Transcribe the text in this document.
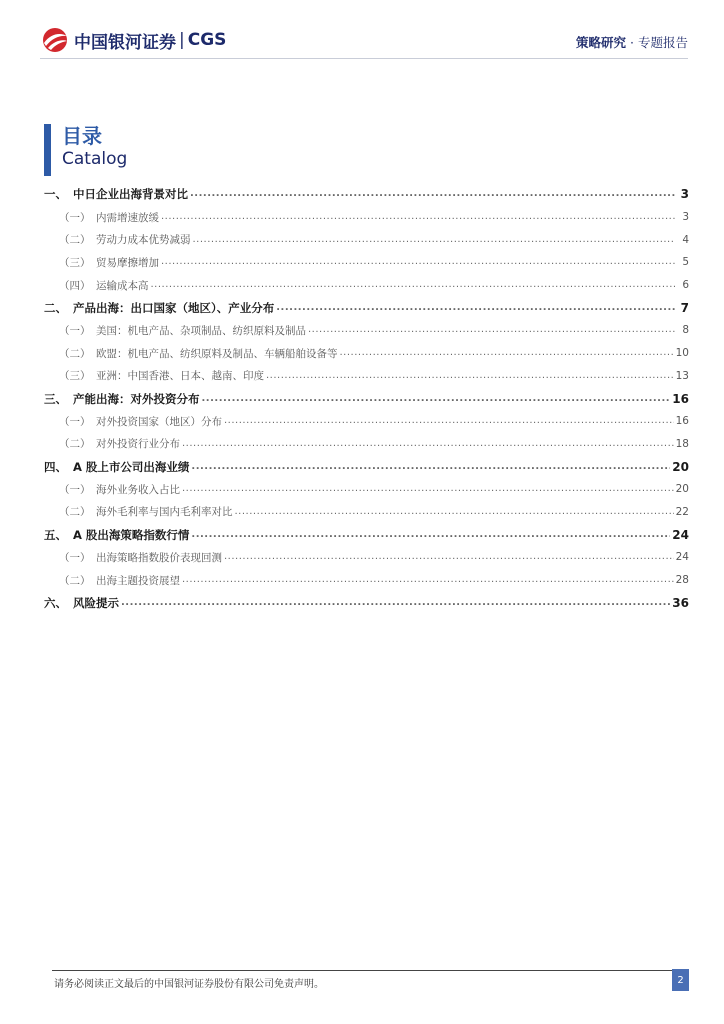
中国银河证券 | CGS	策略研究 · 专题报告
目录
Catalog
一、 中日企业出海背景对比 .....	3
（一） 内需增速放缓 .....	3
（二） 劳动力成本优势减弱 .....	4
（三） 贸易摩擦增加 .....	5
（四） 运输成本高 .....	6
二、 产品出海：出口国家（地区）、产业分布 .....	7
（一） 美国：机电产品、杂项制品、纺织原料及制品 .....	8
（二） 欧盟：机电产品、纺织原料及制品、车辆船舶设备等 .....	10
（三） 亚洲：中国香港、日本、越南、印度 .....	13
三、 产能出海：对外投资分布 .....	16
（一） 对外投资国家（地区）分布 .....	16
（二） 对外投资行业分布 .....	18
四、 A 股上市公司出海业绩 .....	20
（一） 海外业务收入占比 .....	20
（二） 海外毛利率与国内毛利率对比 .....	22
五、 A 股出海策略指数行情 .....	24
（一） 出海策略指数股价表现回测 .....	24
（二） 出海主题投资展望 .....	28
六、 风险提示 .....	36
请务必阅读正文最后的中国银河证券股份有限公司免责声明。	2
